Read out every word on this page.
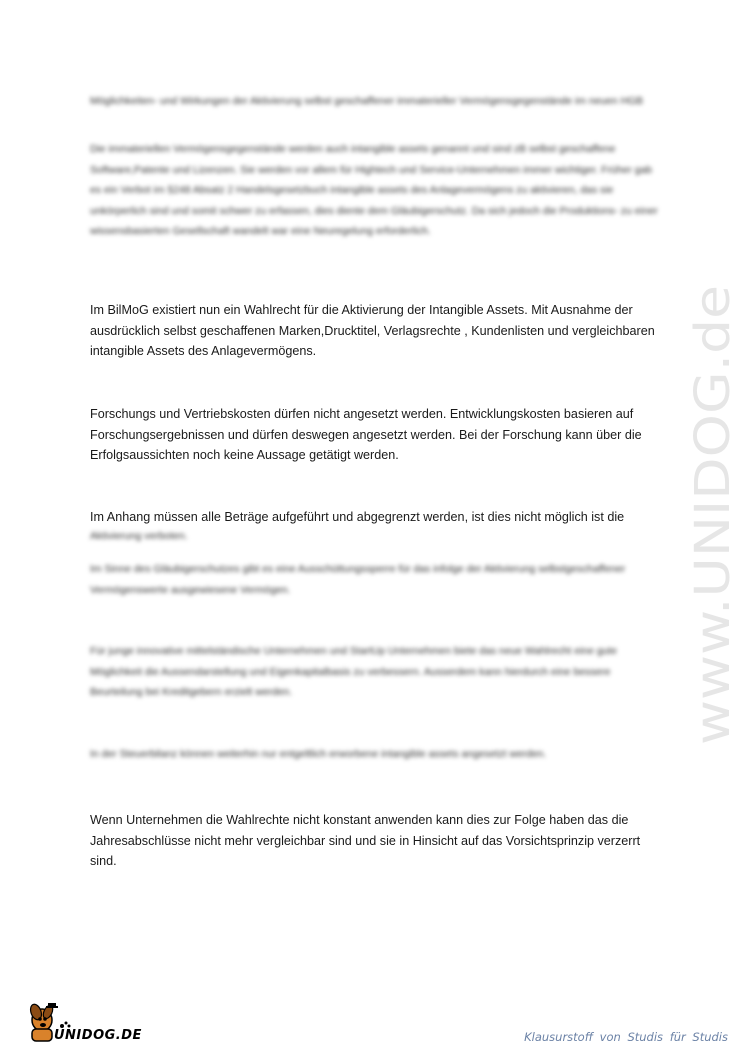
Möglichkeiten- und Wirkungen der Aktivierung selbst geschaffener immaterieller Vermögensgegenstände im neuen HGB

Die immateriellen Vermögensgegenstände werden auch intangible assets genannt und sind zB selbst geschaffene Software,Patente und Lizenzen. Sie werden vor allem für Hightech und Service-Unternehmen immer wichtiger. Früher gab es ein Verbot im §248 Absatz 2 Handelsgesetzbuch intangible assets des Anlagevermögens zu aktivieren, das sie unkörperlich sind und somit schwer zu erfassen, dies diente dem Gläubigerschutz. Da sich jedoch die Produktions- zu einer wissensbasierten Gesellschaft wandelt war eine Neuregelung erforderlich.

Im BilMoG existiert nun ein Wahlrecht für die Aktivierung der Intangible Assets. Mit Ausnahme der ausdrücklich selbst geschaffenen Marken,Drucktitel, Verlagsrechte , Kundenlisten und vergleichbaren intangible Assets des Anlagevermögens.

Forschungs und Vertriebskosten dürfen nicht angesetzt werden. Entwicklungskosten basieren auf Forschungsergebnissen und dürfen deswegen angesetzt werden. Bei der Forschung kann über die Erfolgsaussichten noch keine Aussage getätigt werden.

Im Anhang müssen alle Beträge aufgeführt und abgegrenzt werden, ist dies nicht möglich ist die

Aktivierung verboten.

Im Sinne des Gläubigerschutzes gibt es eine Ausschüttungssperre für das infolge der Aktivierung selbstgeschaffener Vermögenswerte ausgewiesene Vermögen.

Für junge innovative mittelständische Unternehmen und StartUp Unternehmen biete das neue Wahlrecht eine gute Möglichkeit die Aussendarstellung und Eigenkapitalbasis zu verbessern. Ausserdem kann hierdurch eine bessere Beurteilung bei Kreditgebern erzielt werden.

In der Steuerbilanz können weiterhin nur entgeltlich erworbene intangible assets angesetzt werden.

Wenn Unternehmen die Wahlrechte nicht konstant anwenden kann dies zur Folge haben das die Jahresabschlüsse nicht mehr vergleichbar sind und sie in Hinsicht auf das Vorsichtsprinzip verzerrt sind.

www.UNIDOG.de
UNIDOG.DE	Klausurstoff von Studis für Studis
